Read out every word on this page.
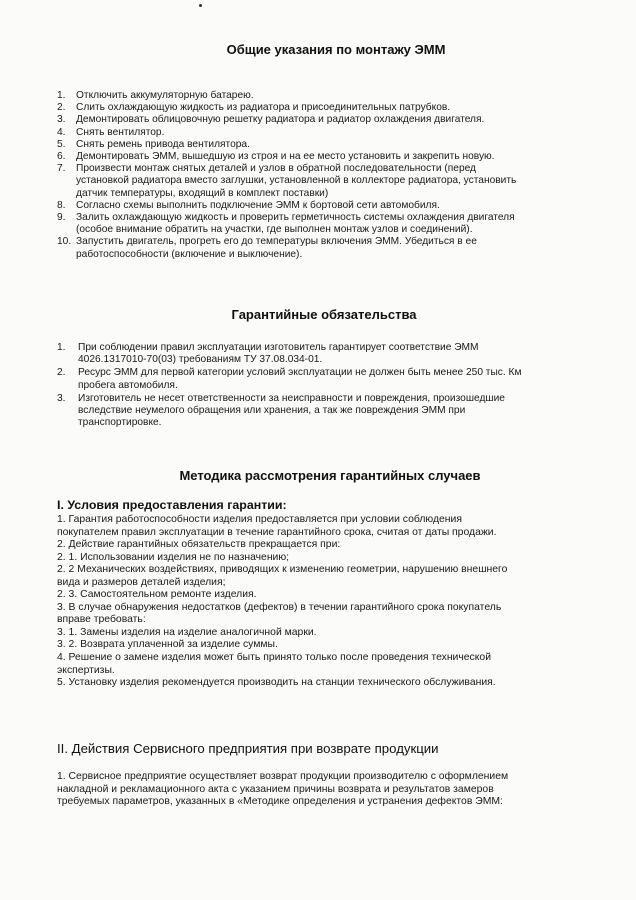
Общие указания по монтажу ЭММ
1.	Отключить аккумуляторную батарею.
2.	Слить охлаждающую жидкость из радиатора и присоединительных патрубков.
3.	Демонтировать облицовочную решетку радиатора и радиатор охлаждения двигателя.
4.	Снять вентилятор.
5.	Снять ремень привода вентилятора.
6.	Демонтировать ЭММ, вышедшую из строя и на ее место установить и закрепить новую.
7.	Произвести монтаж снятых деталей и узлов в обратной последовательности (перед
установкой радиатора вместо заглушки, установленной в коллекторе радиатора, установить
датчик температуры, входящий в комплект поставки)
8.	Согласно схемы выполнить подключение ЭММ к бортовой сети автомобиля.
9.	Залить охлаждающую жидкость и проверить герметичность системы охлаждения двигателя
(особое внимание обратить на участки, где выполнен монтаж узлов и соединений).
10. Запустить двигатель, прогреть его до температуры включения ЭММ. Убедиться в ее
работоспособности (включение и выключение).
Гарантийные обязательства
1.	При соблюдении правил эксплуатации изготовитель гарантирует соответствие ЭММ
4026.1317010-70(03) требованиям ТУ 37.08.034-01.
2.	Ресурс ЭММ для первой категории условий эксплуатации не должен быть менее 250 тыс. Км
пробега автомобиля.
3.	Изготовитель не несет ответственности за неисправности и повреждения, произошедшие
вследствие неумелого обращения или хранения, а так же повреждения ЭММ при
транспортировке.
Методика рассмотрения гарантийных случаев
I. Условия предоставления гарантии:
1. Гарантия работоспособности изделия предоставляется при условии соблюдения
покупателем правил эксплуатации в течение гарантийного срока, считая от даты продажи.
2. Действие гарантийных обязательств прекращается при:
2. 1. Использовании изделия не по назначению;
2. 2 Механических воздействиях, приводящих к изменению геометрии, нарушению внешнего
вида и размеров деталей изделия;
2. 3. Самостоятельном ремонте изделия.
3. В случае обнаружения недостатков (дефектов) в течении гарантийного срока покупатель
вправе требовать:
3. 1. Замены изделия на изделие аналогичной марки.
3. 2. Возврата уплаченной за изделие суммы.
4. Решение о замене изделия может быть принято только после проведения технической
экспертизы.
5. Установку изделия рекомендуется производить на станции технического обслуживания.
II. Действия Сервисного предприятия при возврате продукции
1. Сервисное предприятие осуществляет возврат продукции производителю с оформлением
накладной и рекламационного акта с указанием причины возврата и результатов замеров
требуемых параметров, указанных в «Методике определения и устранения дефектов ЭММ:
